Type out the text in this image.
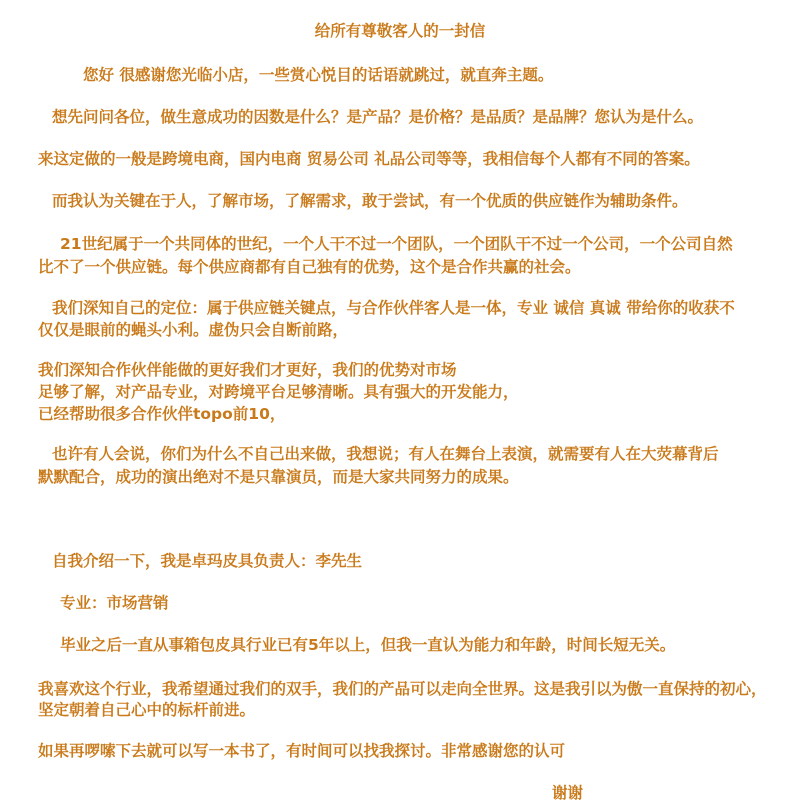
给所有尊敬客人的一封信
您好 很感谢您光临小店，一些赏心悦目的话语就跳过，就直奔主题。
想先问问各位，做生意成功的因数是什么？是产品？是价格？是品质？是品牌？您认为是什么。
来这定做的一般是跨境电商，国内电商 贸易公司 礼品公司等等，我相信每个人都有不同的答案。
而我认为关键在于人，了解市场，了解需求，敢于尝试，有一个优质的供应链作为辅助条件。
21世纪属于一个共同体的世纪，一个人干不过一个团队，一个团队干不过一个公司，一个公司自然
比不了一个供应链。每个供应商都有自己独有的优势，这个是合作共赢的社会。
我们深知自己的定位：属于供应链关键点，与合作伙伴客人是一体，专业 诚信 真诚 带给你的收获不
仅仅是眼前的蝇头小利。虚伪只会自断前路，
我们深知合作伙伴能做的更好我们才更好，我们的优势对市场
足够了解，对产品专业，对跨境平台足够清晰。具有强大的开发能力，
已经帮助很多合作伙伴topo前10，
也许有人会说，你们为什么不自己出来做，我想说；有人在舞台上表演，就需要有人在大荧幕背后
默默配合，成功的演出绝对不是只靠演员，而是大家共同努力的成果。
自我介绍一下，我是卓玛皮具负责人：李先生
专业：市场营销
毕业之后一直从事箱包皮具行业已有5年以上，但我一直认为能力和年龄，时间长短无关。
我喜欢这个行业，我希望通过我们的双手，我们的产品可以走向全世界。这是我引以为傲一直保持的初心，
坚定朝着自己心中的标杆前进。
如果再啰嗦下去就可以写一本书了，有时间可以找我探讨。非常感谢您的认可
谢谢
